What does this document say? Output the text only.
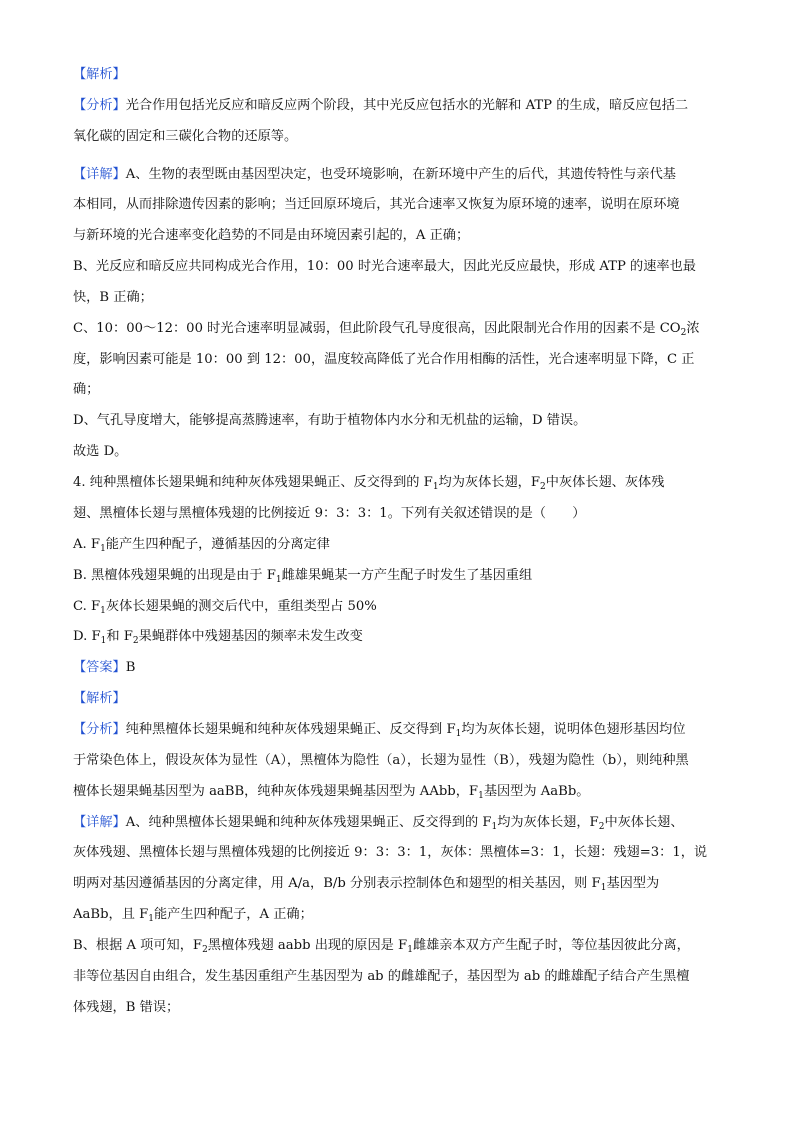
【解析】
【分析】光合作用包括光反应和暗反应两个阶段，其中光反应包括水的光解和 ATP 的生成，暗反应包括二
氧化碳的固定和三碳化合物的还原等。
【详解】A、生物的表型既由基因型决定，也受环境影响，在新环境中产生的后代，其遗传特性与亲代基
本相同，从而排除遗传因素的影响；当迁回原环境后，其光合速率又恢复为原环境的速率，说明在原环境
与新环境的光合速率变化趋势的不同是由环境因素引起的，A 正确；
B、光反应和暗反应共同构成光合作用，10：00 时光合速率最大，因此光反应最快，形成 ATP 的速率也最
快，B 正确；
C、10：00～12：00 时光合速率明显减弱，但此阶段气孔导度很高，因此限制光合作用的因素不是 $CO_2$浓
度，影响因素可能是 10：00 到 12：00，温度较高降低了光合作用相酶的活性，光合速率明显下降，C 正
确；
D、气孔导度增大，能够提高蒸腾速率，有助于植物体内水分和无机盐的运输，D 错误。
故选 D。
4. 纯种黑檀体长翅果蝇和纯种灰体残翅果蝇正、反交得到的 $F_1$均为灰体长翅，$F_2$中灰体长翅、灰体残
翅、黑檀体长翅与黑檀体残翅的比例接近 9：3：3：1。下列有关叙述错误的是（　　）
A. $F_1$能产生四种配子，遵循基因的分离定律
B. 黑檀体残翅果蝇的出现是由于 $F_1$雌雄果蝇某一方产生配子时发生了基因重组
C. $F_1$灰体长翅果蝇的测交后代中，重组类型占 50%
D. $F_1$和 $F_2$果蝇群体中残翅基因的频率未发生改变
【答案】B
【解析】
【分析】纯种黑檀体长翅果蝇和纯种灰体残翅果蝇正、反交得到 $F_1$均为灰体长翅，说明体色翅形基因均位
于常染色体上，假设灰体为显性（A），黑檀体为隐性（a），长翅为显性（B），残翅为隐性（b），则纯种黑
檀体长翅果蝇基因型为 aaBB，纯种灰体残翅果蝇基因型为 AAbb，$F_1$基因型为 AaBb。
【详解】A、纯种黑檀体长翅果蝇和纯种灰体残翅果蝇正、反交得到的 $F_1$均为灰体长翅，$F_2$中灰体长翅、
灰体残翅、黑檀体长翅与黑檀体残翅的比例接近 9：3：3：1，灰体：黑檀体=3：1，长翅：残翅=3：1，说
明两对基因遵循基因的分离定律，用 A/a，B/b 分别表示控制体色和翅型的相关基因，则 $F_1$基因型为
AaBb，且 $F_1$能产生四种配子，A 正确；
B、根据 A 项可知，$F_2$黑檀体残翅 aabb 出现的原因是 $F_1$雌雄亲本双方产生配子时，等位基因彼此分离，
非等位基因自由组合，发生基因重组产生基因型为 ab 的雌雄配子，基因型为 ab 的雌雄配子结合产生黑檀
体残翅，B 错误；
